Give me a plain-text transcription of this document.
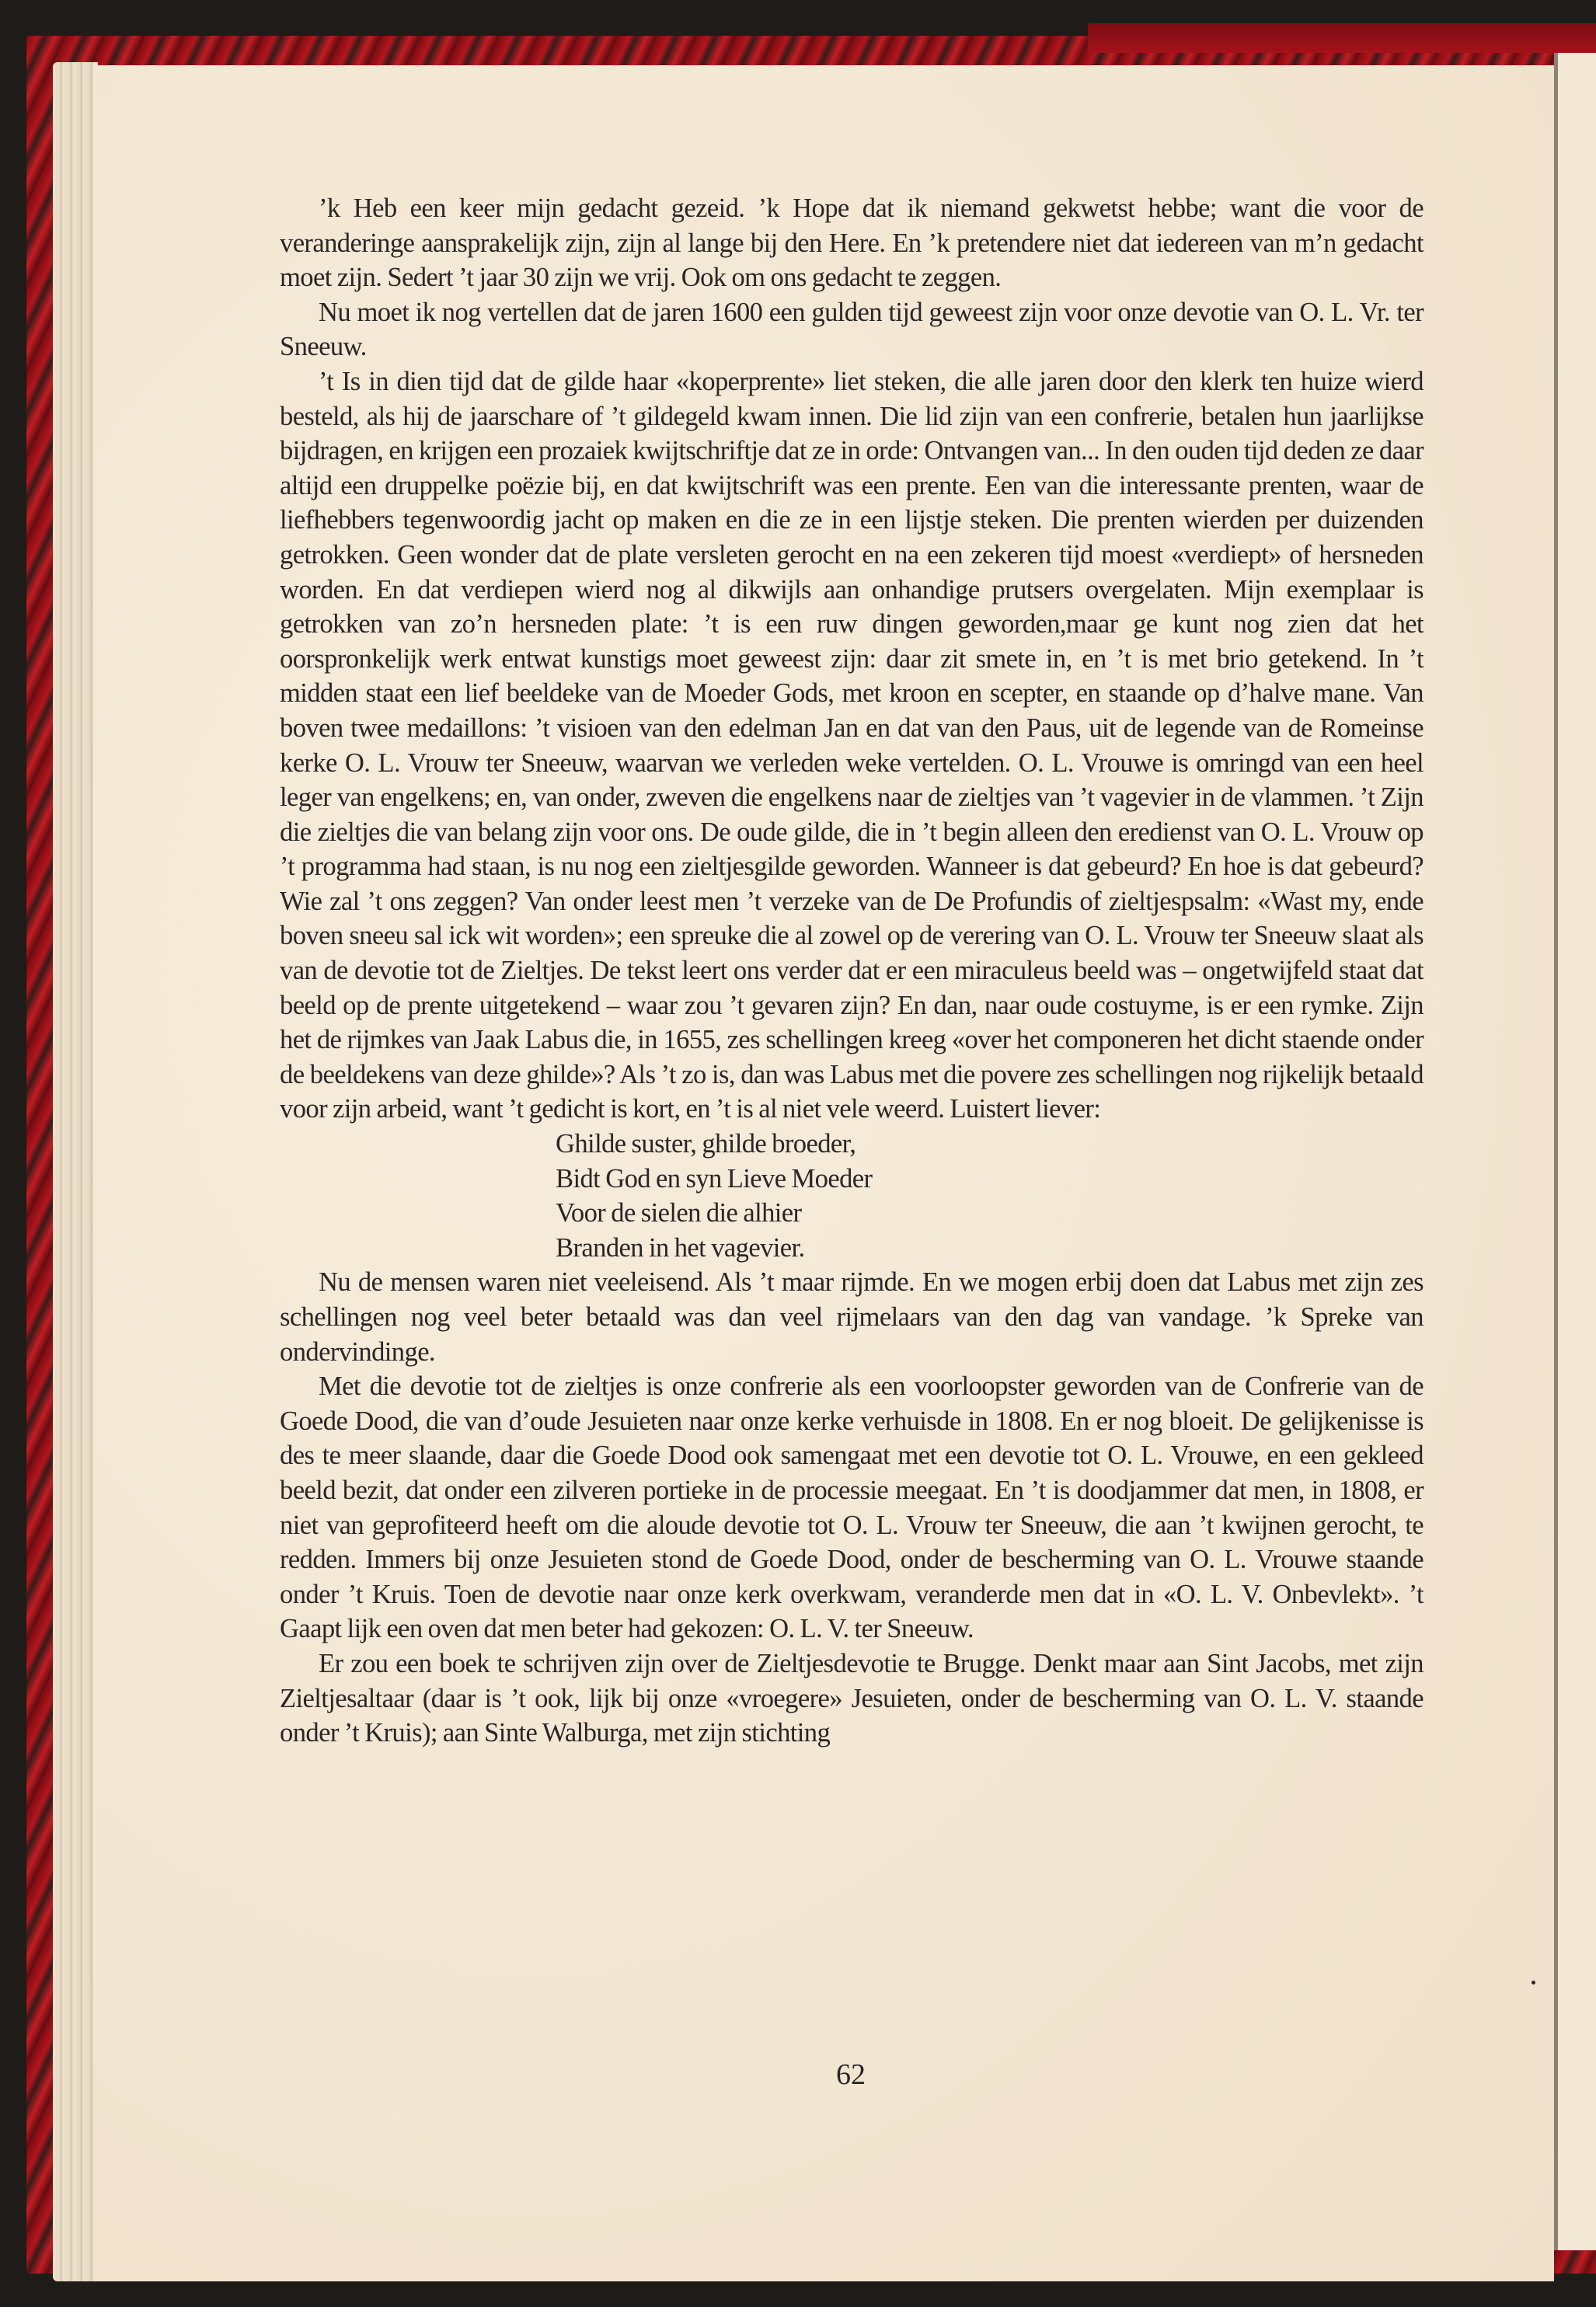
’k Heb een keer mijn gedacht gezeid. ’k Hope dat ik niemand gekwetst hebbe; want die voor de veranderinge aansprakelijk zijn, zijn al lange bij den Here. En ’k pretendere niet dat iedereen van m’n gedacht moet zijn. Sedert ’t jaar 30 zijn we vrij. Ook om ons gedacht te zeggen.

Nu moet ik nog vertellen dat de jaren 1600 een gulden tijd geweest zijn voor onze devotie van O. L. Vr. ter Sneeuw.

’t Is in dien tijd dat de gilde haar «koperprente» liet steken, die alle jaren door den klerk ten huize wierd besteld, als hij de jaarschare of ’t gildegeld kwam innen. Die lid zijn van een confrerie, betalen hun jaarlijkse bijdragen, en krijgen een prozaiek kwijtschriftje dat ze in orde: Ontvangen van... In den ouden tijd deden ze daar altijd een druppelke poëzie bij, en dat kwijtschrift was een prente. Een van die interessante prenten, waar de liefhebbers tegenwoordig jacht op maken en die ze in een lijstje steken. Die prenten wierden per duizenden getrokken. Geen wonder dat de plate versleten gerocht en na een zekeren tijd moest «verdiept» of hersneden worden. En dat verdiepen wierd nog al dikwijls aan onhandige prutsers overgelaten. Mijn exemplaar is getrokken van zo’n hersneden plate: ’t is een ruw dingen geworden,maar ge kunt nog zien dat het oorspronkelijk werk entwat kunstigs moet geweest zijn: daar zit smete in, en ’t is met brio getekend. In ’t midden staat een lief beeldeke van de Moeder Gods, met kroon en scepter, en staande op d’halve mane. Van boven twee medaillons: ’t visioen van den edelman Jan en dat van den Paus, uit de legende van de Romeinse kerke O. L. Vrouw ter Sneeuw, waarvan we verleden weke vertelden. O. L. Vrouwe is omringd van een heel leger van engelkens; en, van onder, zweven die engelkens naar de zieltjes van ’t vagevier in de vlammen. ’t Zijn die zieltjes die van belang zijn voor ons. De oude gilde, die in ’t begin alleen den eredienst van O. L. Vrouw op ’t programma had staan, is nu nog een zieltjesgilde geworden. Wanneer is dat gebeurd? En hoe is dat gebeurd? Wie zal ’t ons zeggen? Van onder leest men ’t verzeke van de De Profundis of zieltjespsalm: «Wast my, ende boven sneeu sal ick wit worden»; een spreuke die al zowel op de verering van O. L. Vrouw ter Sneeuw slaat als van de devotie tot de Zieltjes. De tekst leert ons verder dat er een miraculeus beeld was – ongetwijfeld staat dat beeld op de prente uitgetekend – waar zou ’t gevaren zijn? En dan, naar oude costuyme, is er een rymke. Zijn het de rijmkes van Jaak Labus die, in 1655, zes schellingen kreeg «over het componeren het dicht staende onder de beeldekens van deze ghilde»? Als ’t zo is, dan was Labus met die povere zes schellingen nog rijkelijk betaald voor zijn arbeid, want ’t gedicht is kort, en ’t is al niet vele weerd. Luistert liever:

Ghilde suster, ghilde broeder,
Bidt God en syn Lieve Moeder
Voor de sielen die alhier
Branden in het vagevier.

Nu de mensen waren niet veeleisend. Als ’t maar rijmde. En we mogen erbij doen dat Labus met zijn zes schellingen nog veel beter betaald was dan veel rijmelaars van den dag van vandage. ’k Spreke van ondervindinge.

Met die devotie tot de zieltjes is onze confrerie als een voorloopster geworden van de Confrerie van de Goede Dood, die van d’oude Jesuieten naar onze kerke verhuisde in 1808. En er nog bloeit. De gelijkenisse is des te meer slaande, daar die Goede Dood ook samengaat met een devotie tot O. L. Vrouwe, en een gekleed beeld bezit, dat onder een zilveren portieke in de processie meegaat. En ’t is doodjammer dat men, in 1808, er niet van geprofiteerd heeft om die aloude devotie tot O. L. Vrouw ter Sneeuw, die aan ’t kwijnen gerocht, te redden. Immers bij onze Jesuieten stond de Goede Dood, onder de bescherming van O. L. Vrouwe staande onder ’t Kruis. Toen de devotie naar onze kerk overkwam, veranderde men dat in «O. L. V. Onbevlekt». ’t Gaapt lijk een oven dat men beter had gekozen: O. L. V. ter Sneeuw.

Er zou een boek te schrijven zijn over de Zieltjesdevotie te Brugge. Denkt maar aan Sint Jacobs, met zijn Zieltjesaltaar (daar is ’t ook, lijk bij onze «vroegere» Jesuieten, onder de bescherming van O. L. V. staande onder ’t Kruis); aan Sinte Walburga, met zijn stichting

62
